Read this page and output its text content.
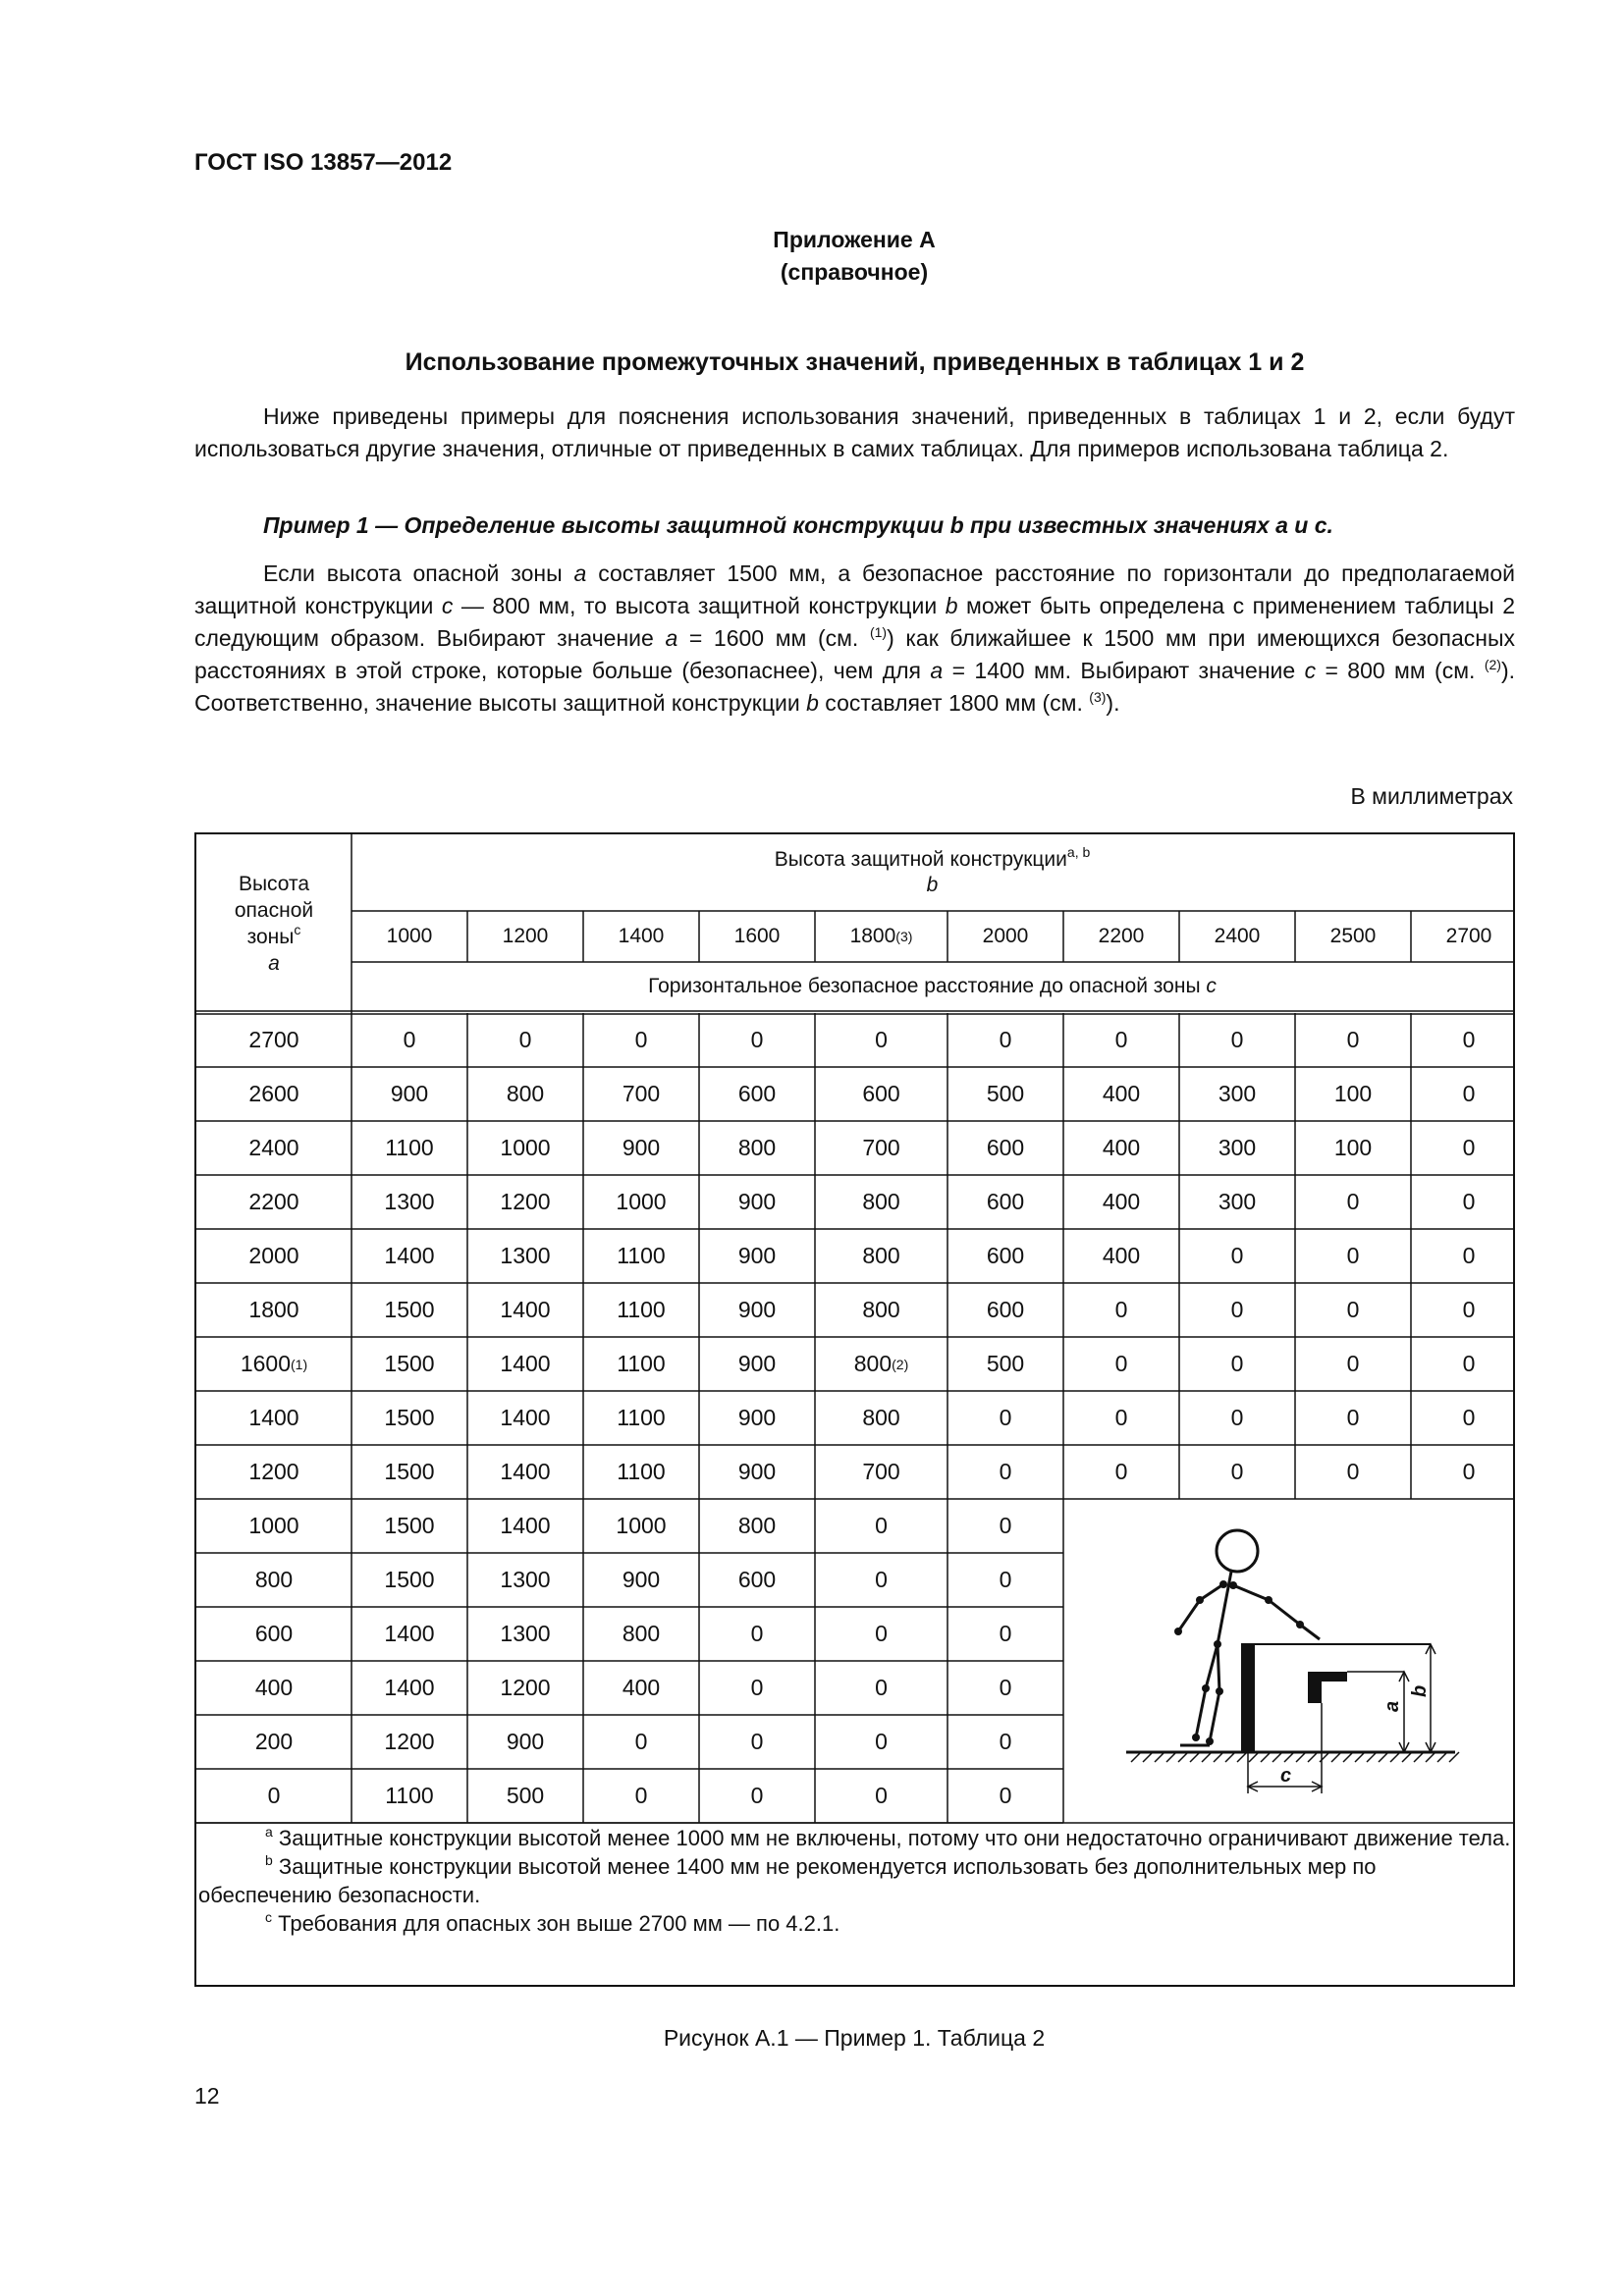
ГОСТ ISO 13857—2012

Приложение А
(справочное)

Использование промежуточных значений, приведенных в таблицах 1 и 2

Ниже приведены примеры для пояснения использования значений, приведенных в таблицах 1 и 2, если будут использоваться другие значения, отличные от приведенных в самих таблицах. Для примеров использована таблица 2.

Пример 1 — Определение высоты защитной конструкции b при известных значениях a и c.

Если высота опасной зоны a составляет 1500 мм, а безопасное расстояние по горизонтали до предполагаемой защитной конструкции c — 800 мм, то высота защитной конструкции b может быть определена с применением таблицы 2 следующим образом. Выбирают значение a = 1600 мм (см. $^{(1)}$) как ближайшее к 1500 мм при имеющихся безопасных расстояниях в этой строке, которые больше (безопаснее), чем для a = 1400 мм. Выбирают значение c = 800 мм (см. $^{(2)}$). Соответственно, значение высоты защитной конструкции b составляет 1800 мм (см. $^{(3)}$).

В миллиметрах

Высота
опасной
зоны$^c$
a
Высота защитной конструкции$^{a, b}$
b
1000	1200	1400	1600	1800 (3)	2000	2200	2400	2500	2700
Горизонтальное безопасное расстояние до опасной зоны c
2700	0	0	0	0	0	0	0	0	0	0
2600	900	800	700	600	600	500	400	300	100	0
2400	1100	1000	900	800	700	600	400	300	100	0
2200	1300	1200	1000	900	800	600	400	300	0	0
2000	1400	1300	1100	900	800	600	400	0	0	0
1800	1500	1400	1100	900	800	600	0	0	0	0
1600 (1)	1500	1400	1100	900	800 (2)	500	0	0	0	0
1400	1500	1400	1100	900	800	0	0	0	0	0
1200	1500	1400	1100	900	700	0	0	0	0	0
1000	1500	1400	1000	800	0	0
800	1500	1300	900	600	0	0
600	1400	1300	800	0	0	0
400	1400	1200	400	0	0	0
200	1200	900	0	0	0	0
0	1100	500	0	0	0	0
a
b
c

$^a$ Защитные конструкции высотой менее 1000 мм не включены, потому что они недостаточно ограничивают движение тела.

$^b$ Защитные конструкции высотой менее 1400 мм не рекомендуется использовать без дополнительных мер по обеспечению безопасности.

$^c$ Требования для опасных зон выше 2700 мм — по 4.2.1.

Рисунок А.1 — Пример 1. Таблица 2

12
